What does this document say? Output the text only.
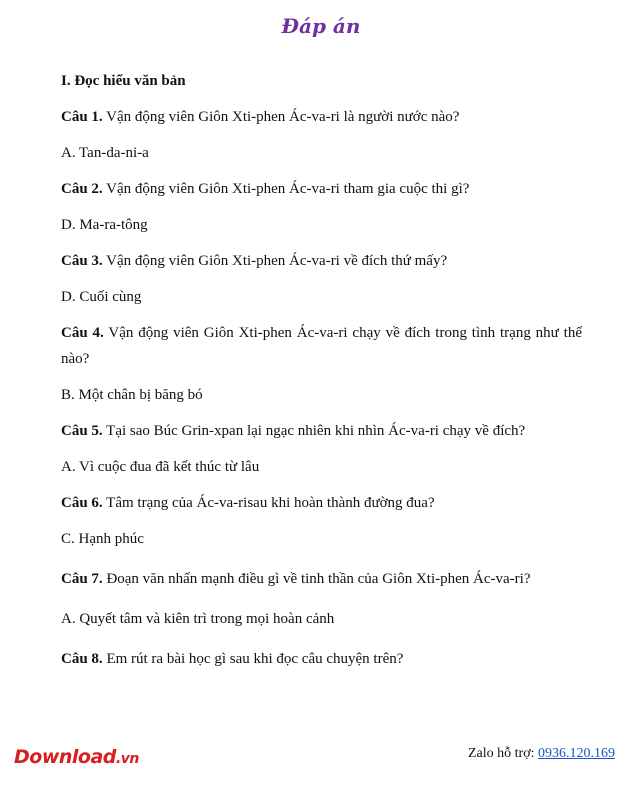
Đáp án
I. Đọc hiểu văn bản
Câu 1. Vận động viên Giôn Xti-phen Ác-va-ri là người nước nào?
A. Tan-da-ni-a
Câu 2. Vận động viên Giôn Xti-phen Ác-va-ri tham gia cuộc thi gì?
D. Ma-ra-tông
Câu 3. Vận động viên Giôn Xti-phen Ác-va-ri về đích thứ mấy?
D. Cuối cùng
Câu 4. Vận động viên Giôn Xti-phen Ác-va-ri chạy về đích trong tình trạng như thế nào?
B. Một chân bị băng bó
Câu 5. Tại sao Búc Grin-xpan lại ngạc nhiên khi nhìn Ác-va-ri chạy về đích?
A. Vì cuộc đua đã kết thúc từ lâu
Câu 6. Tâm trạng của Ác-va-risau khi hoàn thành đường đua?
C. Hạnh phúc
Câu 7. Đoạn văn nhấn mạnh điều gì về tinh thần của Giôn Xti-phen Ác-va-ri?
A. Quyết tâm và kiên trì trong mọi hoàn cảnh
Câu 8. Em rút ra bài học gì sau khi đọc câu chuyện trên?
Download.vn	Zalo hỗ trợ: 0936.120.169
